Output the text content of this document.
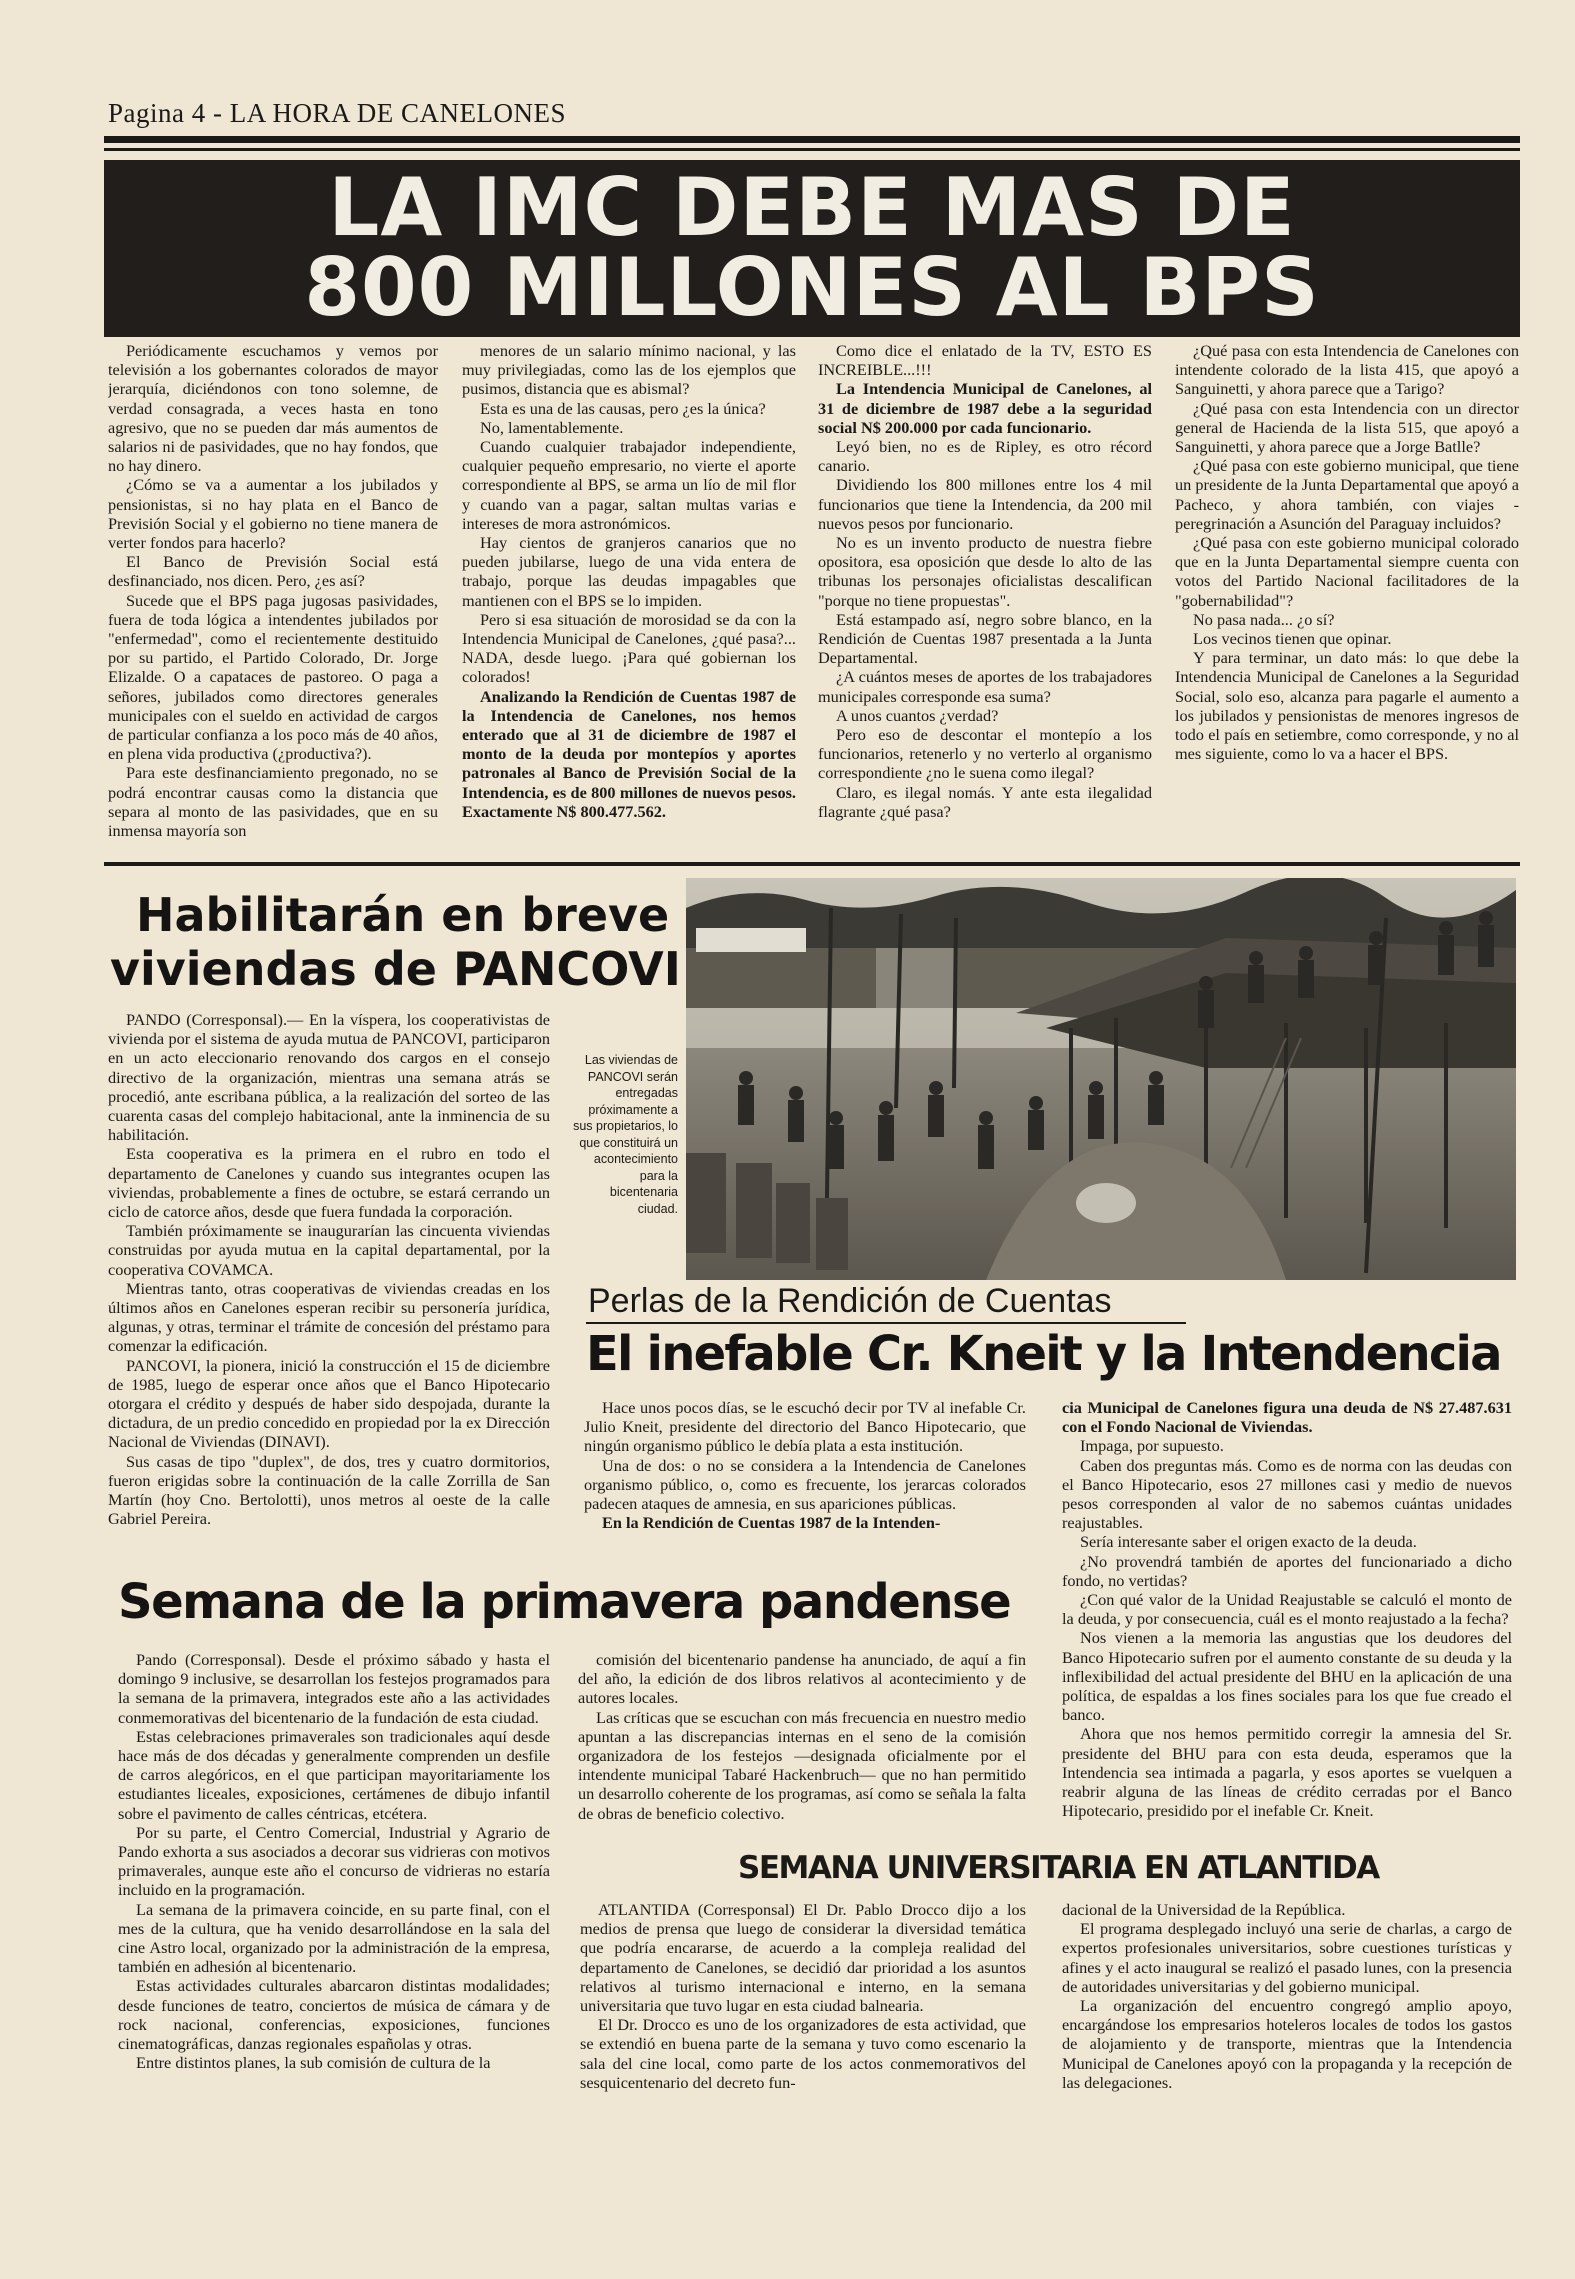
Pagina 4 - LA HORA DE CANELONES
LA IMC DEBE MAS DE
800 MILLONES AL BPS

Periódicamente escuchamos y vemos por televisión a los gobernantes colorados de mayor jerarquía, diciéndonos con tono solemne, de verdad consagrada, a veces hasta en tono agresivo, que no se pueden dar más aumentos de salarios ni de pasividades, que no hay fondos, que no hay dinero.

¿Cómo se va a aumentar a los jubilados y pensionistas, si no hay plata en el Banco de Previsión Social y el gobierno no tiene manera de verter fondos para hacerlo?

El Banco de Previsión Social está desfinanciado, nos dicen. Pero, ¿es así?

Sucede que el BPS paga jugosas pasividades, fuera de toda lógica a intendentes jubilados por "enfermedad", como el recientemente destituido por su partido, el Partido Colorado, Dr. Jorge Elizalde. O a capataces de pastoreo. O paga a señores, jubilados como directores generales municipales con el sueldo en actividad de cargos de particular confianza a los poco más de 40 años, en plena vida productiva (¿productiva?).

Para este desfinanciamiento pregonado, no se podrá encontrar causas como la distancia que separa al monto de las pasividades, que en su inmensa mayoría son

menores de un salario mínimo nacional, y las muy privilegiadas, como las de los ejemplos que pusimos, distancia que es abismal?

Esta es una de las causas, pero ¿es la única?

No, lamentablemente.

Cuando cualquier trabajador independiente, cualquier pequeño empresario, no vierte el aporte correspondiente al BPS, se arma un lío de mil flor y cuando van a pagar, saltan multas varias e intereses de mora astronómicos.

Hay cientos de granjeros canarios que no pueden jubilarse, luego de una vida entera de trabajo, porque las deudas impagables que mantienen con el BPS se lo impiden.

Pero si esa situación de morosidad se da con la Intendencia Municipal de Canelones, ¿qué pasa?... NADA, desde luego. ¡Para qué gobiernan los colorados!

Analizando la Rendición de Cuentas 1987 de la Intendencia de Canelones, nos hemos enterado que al 31 de diciembre de 1987 el monto de la deuda por montepíos y aportes patronales al Banco de Previsión Social de la Intendencia, es de 800 millones de nuevos pesos. Exactamente N$ 800.477.562.

Como dice el enlatado de la TV, ESTO ES INCREIBLE...!!!

La Intendencia Municipal de Canelones, al 31 de diciembre de 1987 debe a la seguridad social N$ 200.000 por cada funcionario.

Leyó bien, no es de Ripley, es otro récord canario.

Dividiendo los 800 millones entre los 4 mil funcionarios que tiene la Intendencia, da 200 mil nuevos pesos por funcionario.

No es un invento producto de nuestra fiebre opositora, esa oposición que desde lo alto de las tribunas los personajes oficialistas descalifican "porque no tiene propuestas".

Está estampado así, negro sobre blanco, en la Rendición de Cuentas 1987 presentada a la Junta Departamental.

¿A cuántos meses de aportes de los trabajadores municipales corresponde esa suma?

A unos cuantos ¿verdad?

Pero eso de descontar el montepío a los funcionarios, retenerlo y no verterlo al organismo correspondiente ¿no le suena como ilegal?

Claro, es ilegal nomás. Y ante esta ilegalidad flagrante ¿qué pasa?

¿Qué pasa con esta Intendencia de Canelones con intendente colorado de la lista 415, que apoyó a Sanguinetti, y ahora parece que a Tarigo?

¿Qué pasa con esta Intendencia con un director general de Hacienda de la lista 515, que apoyó a Sanguinetti, y ahora parece que a Jorge Batlle?

¿Qué pasa con este gobierno municipal, que tiene un presidente de la Junta Departamental que apoyó a Pacheco, y ahora también, con viajes - peregrinación a Asunción del Paraguay incluidos?

¿Qué pasa con este gobierno municipal colorado que en la Junta Departamental siempre cuenta con votos del Partido Nacional facilitadores de la "gobernabilidad"?

No pasa nada... ¿o sí?

Los vecinos tienen que opinar.

Y para terminar, un dato más: lo que debe la Intendencia Municipal de Canelones a la Seguridad Social, solo eso, alcanza para pagarle el aumento a los jubilados y pensionistas de menores ingresos de todo el país en setiembre, como corresponde, y no al mes siguiente, como lo va a hacer el BPS.

Habilitarán en breve
viviendas de PANCOVI

PANDO (Corresponsal).— En la víspera, los cooperativistas de vivienda por el sistema de ayuda mutua de PANCOVI, participaron en un acto eleccionario renovando dos cargos en el consejo directivo de la organización, mientras una semana atrás se procedió, ante escribana pública, a la realización del sorteo de las cuarenta casas del complejo habitacional, ante la inminencia de su habilitación.

Esta cooperativa es la primera en el rubro en todo el departamento de Canelones y cuando sus integrantes ocupen las viviendas, probablemente a fines de octubre, se estará cerrando un ciclo de catorce años, desde que fuera fundada la corporación.

También próximamente se inaugurarían las cincuenta viviendas construidas por ayuda mutua en la capital departamental, por la cooperativa COVAMCA.

Mientras tanto, otras cooperativas de viviendas creadas en los últimos años en Canelones esperan recibir su personería jurídica, algunas, y otras, terminar el trámite de concesión del préstamo para comenzar la edificación.

PANCOVI, la pionera, inició la construcción el 15 de diciembre de 1985, luego de esperar once años que el Banco Hipotecario otorgara el crédito y después de haber sido despojada, durante la dictadura, de un predio concedido en propiedad por la ex Dirección Nacional de Viviendas (DINAVI).

Sus casas de tipo "duplex", de dos, tres y cuatro dormitorios, fueron erigidas sobre la continuación de la calle Zorrilla de San Martín (hoy Cno. Bertolotti), unos metros al oeste de la calle Gabriel Pereira.

Las viviendas de PANCOVI serán entregadas próximamente a sus propietarios, lo que constituirá un acontecimiento para la bicentenaria ciudad.
Perlas de la Rendición de Cuentas
El inefable Cr. Kneit y la Intendencia

Hace unos pocos días, se le escuchó decir por TV al inefable Cr. Julio Kneit, presidente del directorio del Banco Hipotecario, que ningún organismo público le debía plata a esta institución.

Una de dos: o no se considera a la Intendencia de Canelones organismo público, o, como es frecuente, los jerarcas colorados padecen ataques de amnesia, en sus apariciones públicas.

En la Rendición de Cuentas 1987 de la Intenden-

cia Municipal de Canelones figura una deuda de N$ 27.487.631 con el Fondo Nacional de Viviendas.

Impaga, por supuesto.

Caben dos preguntas más. Como es de norma con las deudas con el Banco Hipotecario, esos 27 millones casi y medio de nuevos pesos corresponden al valor de no sabemos cuántas unidades reajustables.

Sería interesante saber el origen exacto de la deuda.

¿No provendrá también de aportes del funcionariado a dicho fondo, no vertidas?

¿Con qué valor de la Unidad Reajustable se calculó el monto de la deuda, y por consecuencia, cuál es el monto reajustado a la fecha?

Nos vienen a la memoria las angustias que los deudores del Banco Hipotecario sufren por el aumento constante de su deuda y la inflexibilidad del actual presidente del BHU en la aplicación de una política, de espaldas a los fines sociales para los que fue creado el banco.

Ahora que nos hemos permitido corregir la amnesia del Sr. presidente del BHU para con esta deuda, esperamos que la Intendencia sea intimada a pagarla, y esos aportes se vuelquen a reabrir alguna de las líneas de crédito cerradas por el Banco Hipotecario, presidido por el inefable Cr. Kneit.

Semana de la primavera pandense

Pando (Corresponsal). Desde el próximo sábado y hasta el domingo 9 inclusive, se desarrollan los festejos programados para la semana de la primavera, integrados este año a las actividades conmemorativas del bicentenario de la fundación de esta ciudad.

Estas celebraciones primaverales son tradicionales aquí desde hace más de dos décadas y generalmente comprenden un desfile de carros alegóricos, en el que participan mayoritariamente los estudiantes liceales, exposiciones, certámenes de dibujo infantil sobre el pavimento de calles céntricas, etcétera.

Por su parte, el Centro Comercial, Industrial y Agrario de Pando exhorta a sus asociados a decorar sus vidrieras con motivos primaverales, aunque este año el concurso de vidrieras no estaría incluido en la programación.

La semana de la primavera coincide, en su parte final, con el mes de la cultura, que ha venido desarrollándose en la sala del cine Astro local, organizado por la administración de la empresa, también en adhesión al bicentenario.

Estas actividades culturales abarcaron distintas modalidades; desde funciones de teatro, conciertos de música de cámara y de rock nacional, conferencias, exposiciones, funciones cinematográficas, danzas regionales españolas y otras.

Entre distintos planes, la sub comisión de cultura de la

comisión del bicentenario pandense ha anunciado, de aquí a fin del año, la edición de dos libros relativos al acontecimiento y de autores locales.

Las críticas que se escuchan con más frecuencia en nuestro medio apuntan a las discrepancias internas en el seno de la comisión organizadora de los festejos —designada oficialmente por el intendente municipal Tabaré Hackenbruch— que no han permitido un desarrollo coherente de los programas, así como se señala la falta de obras de beneficio colectivo.

SEMANA UNIVERSITARIA EN ATLANTIDA

ATLANTIDA (Corresponsal) El Dr. Pablo Drocco dijo a los medios de prensa que luego de considerar la diversidad temática que podría encararse, de acuerdo a la compleja realidad del departamento de Canelones, se decidió dar prioridad a los asuntos relativos al turismo internacional e interno, en la semana universitaria que tuvo lugar en esta ciudad balnearia.

El Dr. Drocco es uno de los organizadores de esta actividad, que se extendió en buena parte de la semana y tuvo como escenario la sala del cine local, como parte de los actos conmemorativos del sesquicentenario del decreto fun-

dacional de la Universidad de la República.

El programa desplegado incluyó una serie de charlas, a cargo de expertos profesionales universitarios, sobre cuestiones turísticas y afines y el acto inaugural se realizó el pasado lunes, con la presencia de autoridades universitarias y del gobierno municipal.

La organización del encuentro congregó amplio apoyo, encargándose los empresarios hoteleros locales de todos los gastos de alojamiento y de transporte, mientras que la Intendencia Municipal de Canelones apoyó con la propaganda y la recepción de las delegaciones.
